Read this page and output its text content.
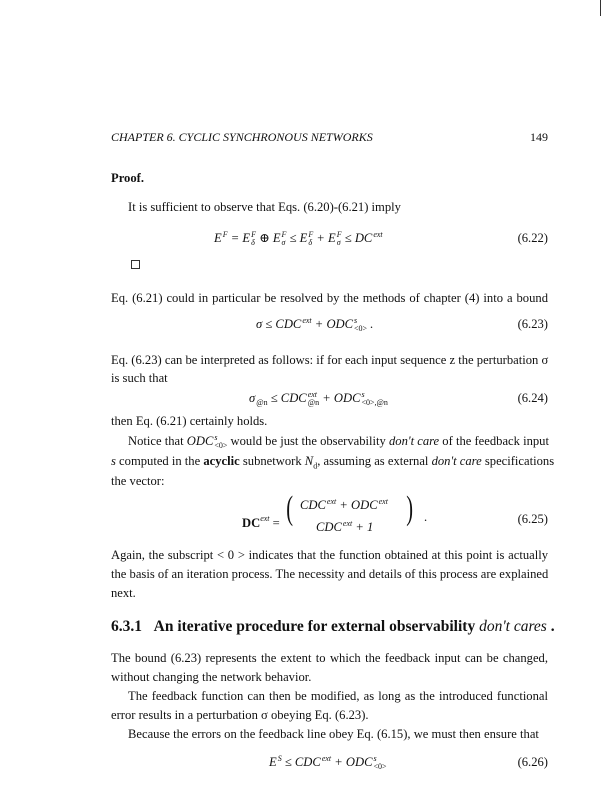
CHAPTER 6. CYCLIC SYNCHRONOUS NETWORKS	149
Proof.
It is sufficient to observe that Eqs. (6.20)-(6.21) imply
E F
= E F
δ ⊕ E F
σ ≤ E F
δ + E F
σ ≤ DC ext
	(6.22)
Eq. (6.21) could in particular be resolved by the methods of chapter (4) into a bound
σ ≤ CDC ext
+ ODC s
<0> .	(6.23)
Eq. (6.23) can be interpreted as follows: if for each input sequence z the perturbation σ
is such that
σ
@n ≤ CDC ext
@n + ODC s
<0>,@n	(6.24)
then Eq. (6.21) certainly holds.
Notice that ODC s
<0> would be just the observability don't care of the feedback input
s computed in the acyclic subnetwork $N_d$, assuming as external don't care specifications
the vector:
$DC^{ext}$ = ( CDC ext
+ ODC ext

CDC ext
+ 1 ) .	(6.25)
Again, the subscript < 0 > indicates that the function obtained at this point is actually
the basis of an iteration process. The necessity and details of this process are explained
next.
6.3.1 An iterative procedure for external observability don't cares .
The bound (6.23) represents the extent to which the feedback input can be changed,
without changing the network behavior.
The feedback function can then be modified, as long as the introduced functional
error results in a perturbation σ obeying Eq. (6.23).
Because the errors on the feedback line obey Eq. (6.15), we must then ensure that
E S
≤ CDC ext
+ ODC s
<0>	(6.26)
